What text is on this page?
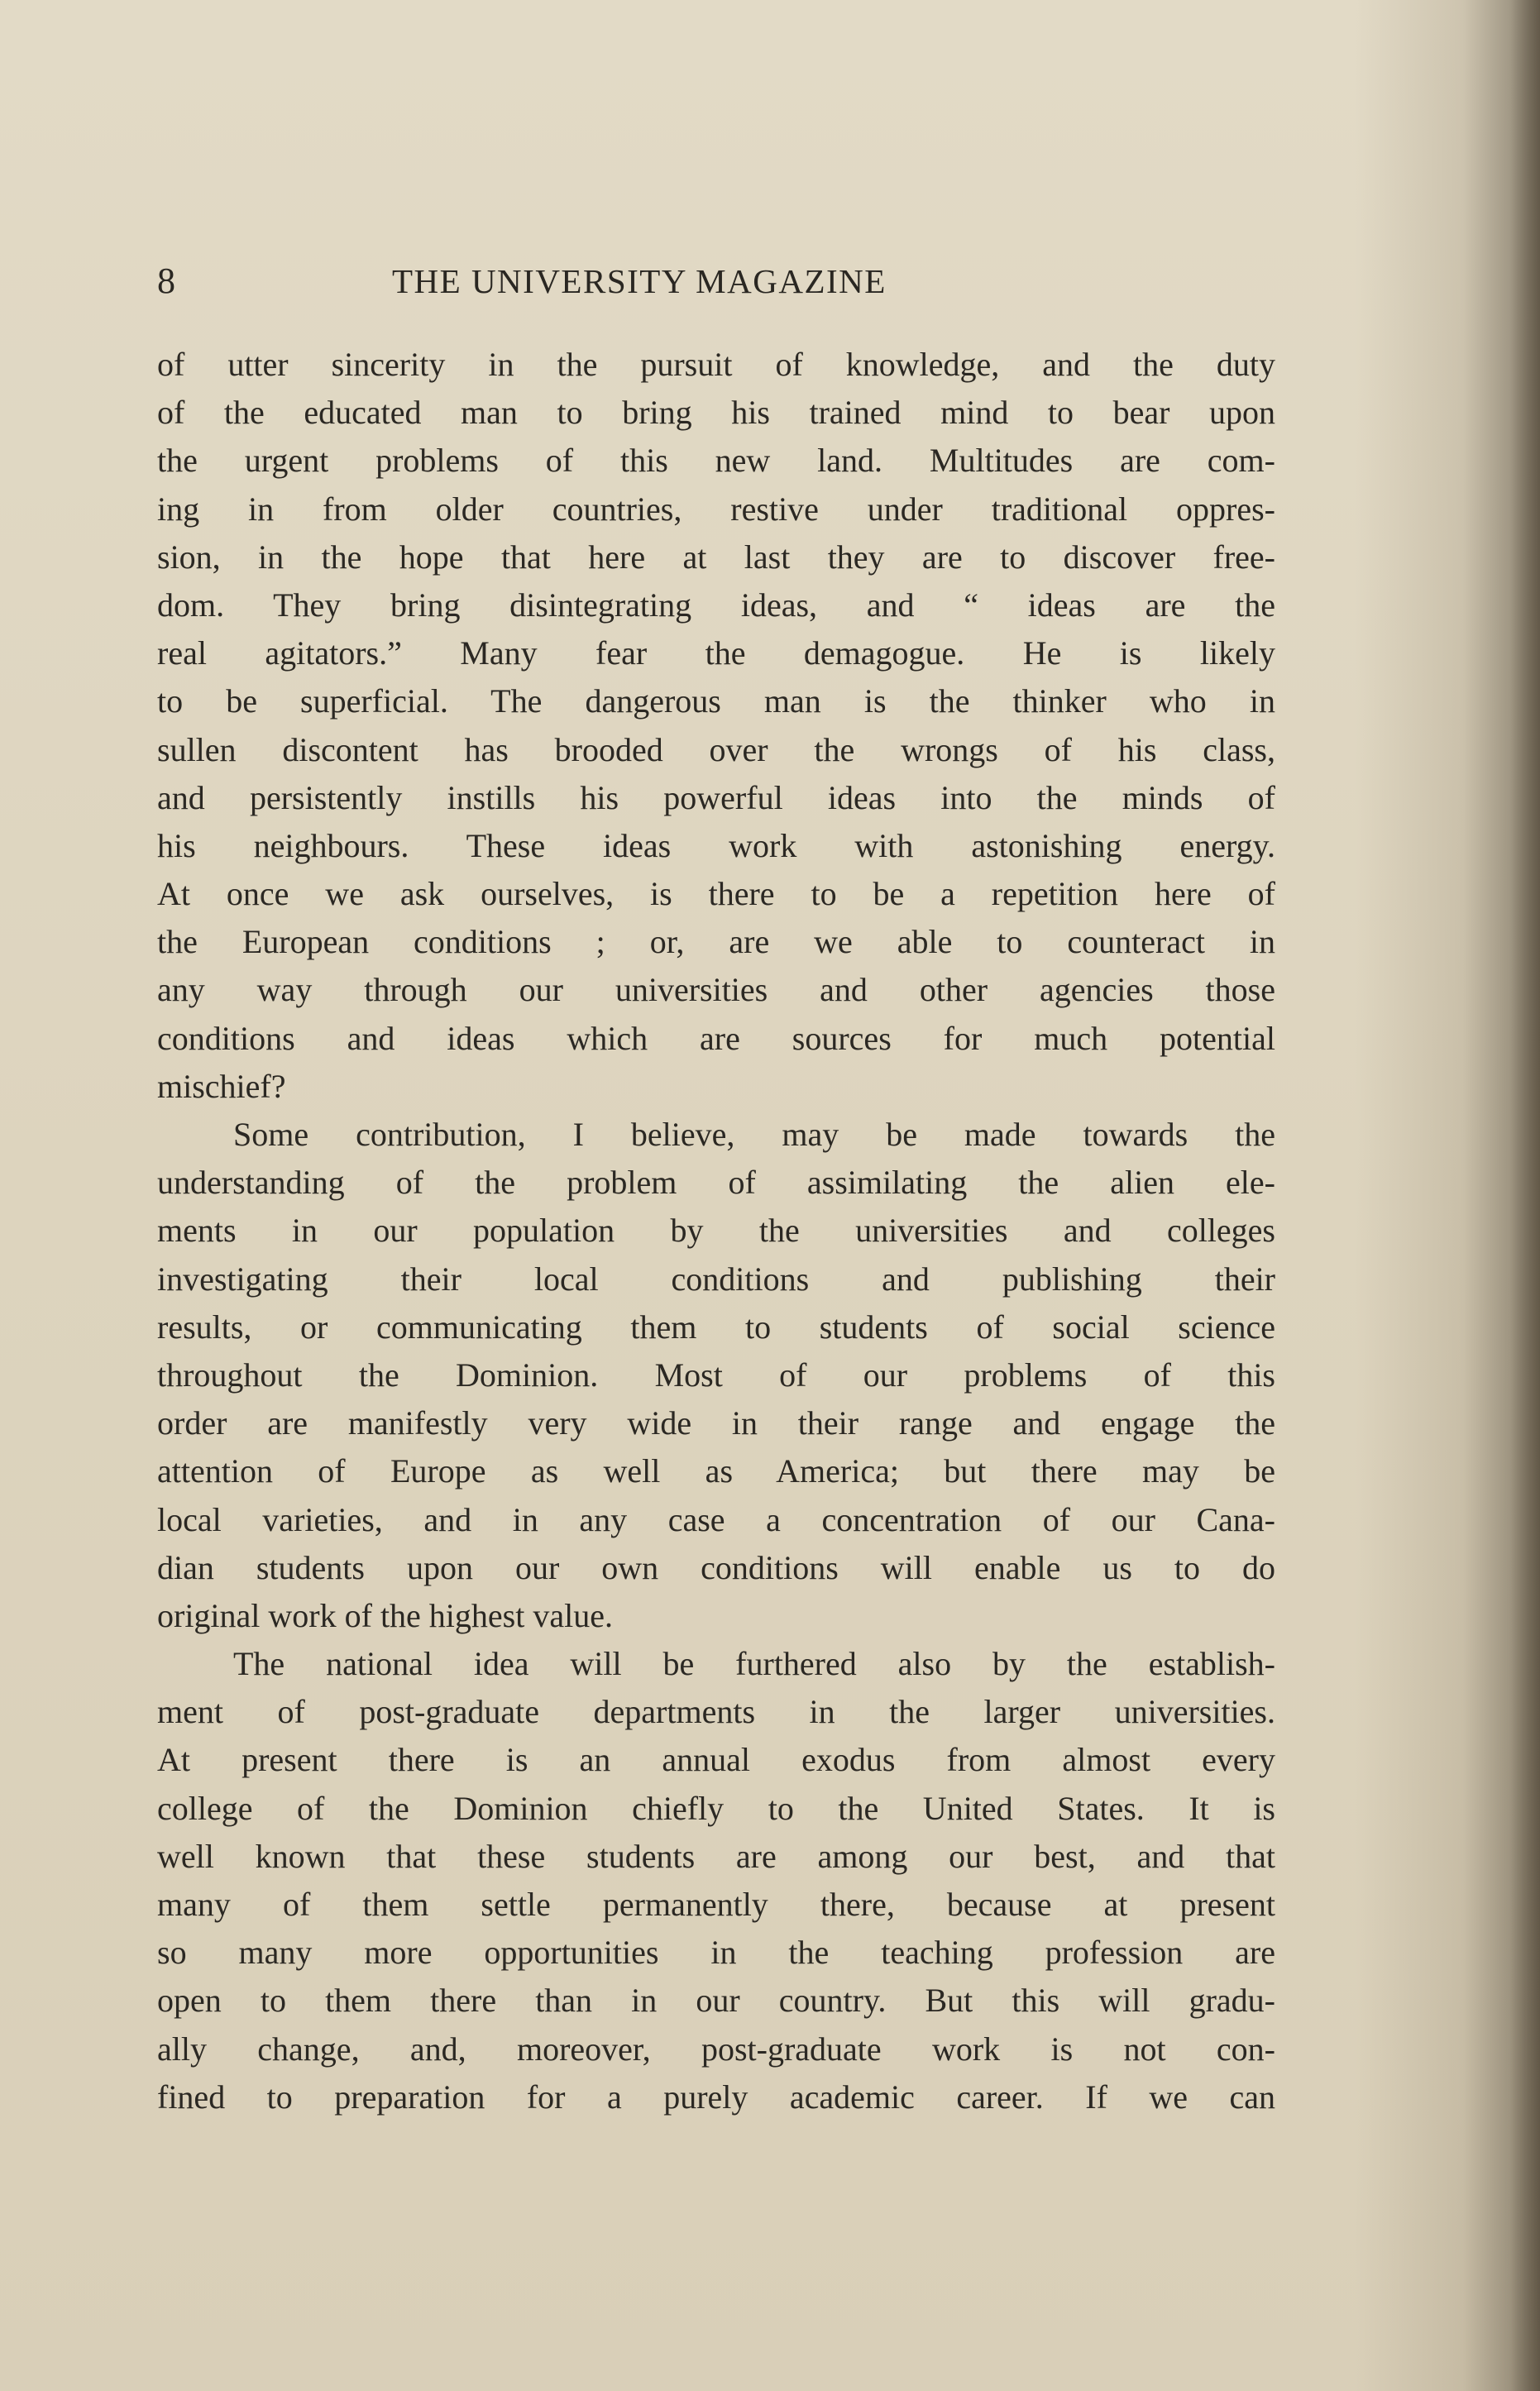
8	THE UNIVERSITY MAGAZINE

of utter sincerity in the pursuit of knowledge, and the duty
of the educated man to bring his trained mind to bear upon
the urgent problems of this new land. Multitudes are com-
ing in from older countries, restive under traditional oppres-
sion, in the hope that here at last they are to discover free-
dom. They bring disintegrating ideas, and “ ideas are the
real agitators.” Many fear the demagogue. He is likely
to be superficial. The dangerous man is the thinker who in
sullen discontent has brooded over the wrongs of his class,
and persistently instills his powerful ideas into the minds of
his neighbours. These ideas work with astonishing energy.
At once we ask ourselves, is there to be a repetition here of
the European conditions ; or, are we able to counteract in
any way through our universities and other agencies those
conditions and ideas which are sources for much potential
mischief?

Some contribution, I believe, may be made towards the
understanding of the problem of assimilating the alien ele-
ments in our population by the universities and colleges
investigating their local conditions and publishing their
results, or communicating them to students of social science
throughout the Dominion. Most of our problems of this
order are manifestly very wide in their range and engage the
attention of Europe as well as America; but there may be
local varieties, and in any case a concentration of our Cana-
dian students upon our own conditions will enable us to do
original work of the highest value.

The national idea will be furthered also by the establish-
ment of post-graduate departments in the larger universities.
At present there is an annual exodus from almost every
college of the Dominion chiefly to the United States. It is
well known that these students are among our best, and that
many of them settle permanently there, because at present
so many more opportunities in the teaching profession are
open to them there than in our country. But this will gradu-
ally change, and, moreover, post-graduate work is not con-
fined to preparation for a purely academic career. If we can
